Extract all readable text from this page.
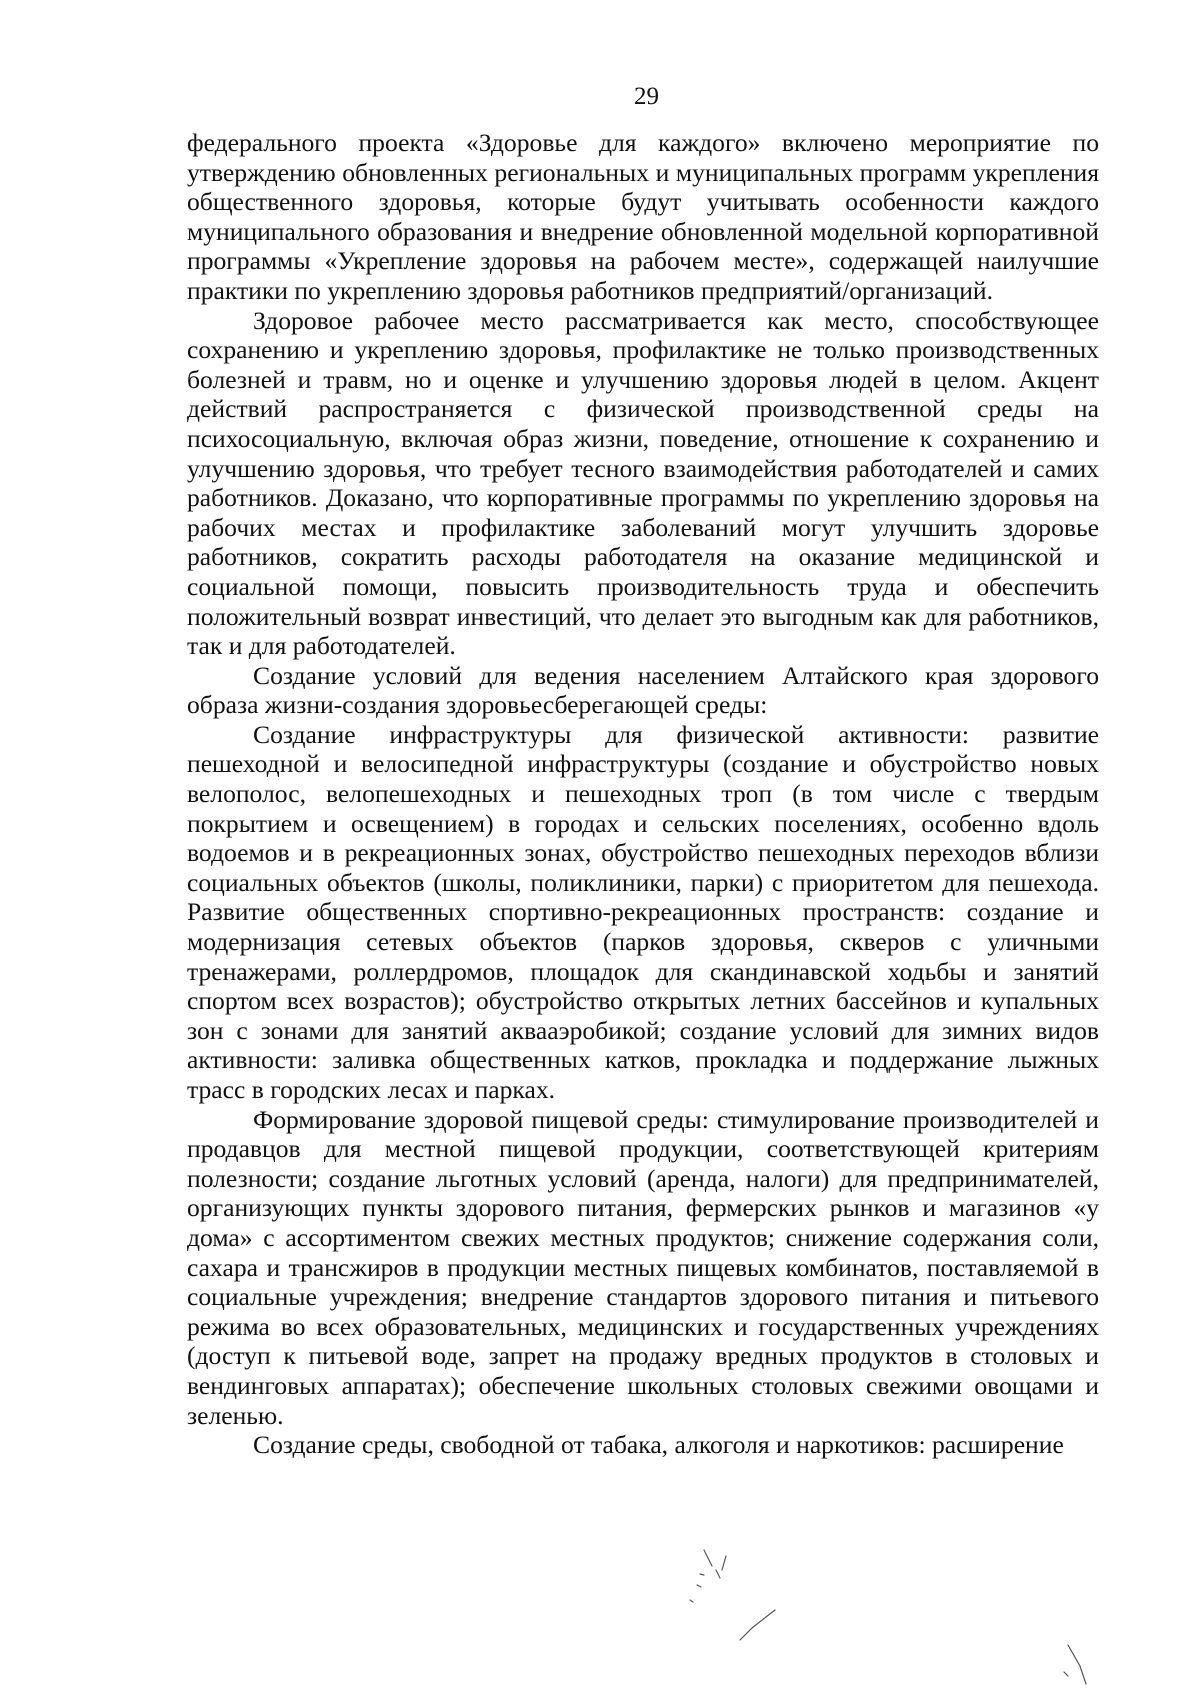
29

федерального проекта «Здоровье для каждого» включено мероприятие по утверждению обновленных региональных и муниципальных программ укрепления общественного здоровья, которые будут учитывать особенности каждого муниципального образования и внедрение обновленной модельной корпоративной программы «Укрепление здоровья на рабочем месте», содержащей наилучшие практики по укреплению здоровья работников предприятий/организаций.

Здоровое рабочее место рассматривается как место, способствующее сохранению и укреплению здоровья, профилактике не только производственных болезней и травм, но и оценке и улучшению здоровья людей в целом. Акцент действий распространяется с физической производственной среды на психосоциальную, включая образ жизни, поведение, отношение к сохранению и улучшению здоровья, что требует тесного взаимодействия работодателей и самих работников. Доказано, что корпоративные программы по укреплению здоровья на рабочих местах и профилактике заболеваний могут улучшить здоровье работников, сократить расходы работодателя на оказание медицинской и социальной помощи, повысить производительность труда и обеспечить положительный возврат инвестиций, что делает это выгодным как для работников, так и для работодателей.

Создание условий для ведения населением Алтайского края здорового образа жизни-создания здоровьесберегающей среды:

Создание инфраструктуры для физической активности: развитие пешеходной и велосипедной инфраструктуры (создание и обустройство новых велополос, велопешеходных и пешеходных троп (в том числе с твердым покрытием и освещением) в городах и сельских поселениях, особенно вдоль водоемов и в рекреационных зонах, обустройство пешеходных переходов вблизи социальных объектов (школы, поликлиники, парки) с приоритетом для пешехода. Развитие общественных спортивно-рекреационных пространств: создание и модернизация сетевых объектов (парков здоровья, скверов с уличными тренажерами, роллердромов, площадок для скандинавской ходьбы и занятий спортом всех возрастов); обустройство открытых летних бассейнов и купальных зон с зонами для занятий аквааэробикой; создание условий для зимних видов активности: заливка общественных катков, прокладка и поддержание лыжных трасс в городских лесах и парках.

Формирование здоровой пищевой среды: стимулирование производителей и продавцов для местной пищевой продукции, соответствующей критериям полезности; создание льготных условий (аренда, налоги) для предпринимателей, организующих пункты здорового питания, фермерских рынков и магазинов «у дома» с ассортиментом свежих местных продуктов; снижение содержания соли, сахара и трансжиров в продукции местных пищевых комбинатов, поставляемой в социальные учреждения; внедрение стандартов здорового питания и питьевого режима во всех образовательных, медицинских и государственных учреждениях (доступ к питьевой воде, запрет на продажу вредных продуктов в столовых и вендинговых аппаратах); обеспечение школьных столовых свежими овощами и зеленью.

Создание среды, свободной от табака, алкоголя и наркотиков: расширение
